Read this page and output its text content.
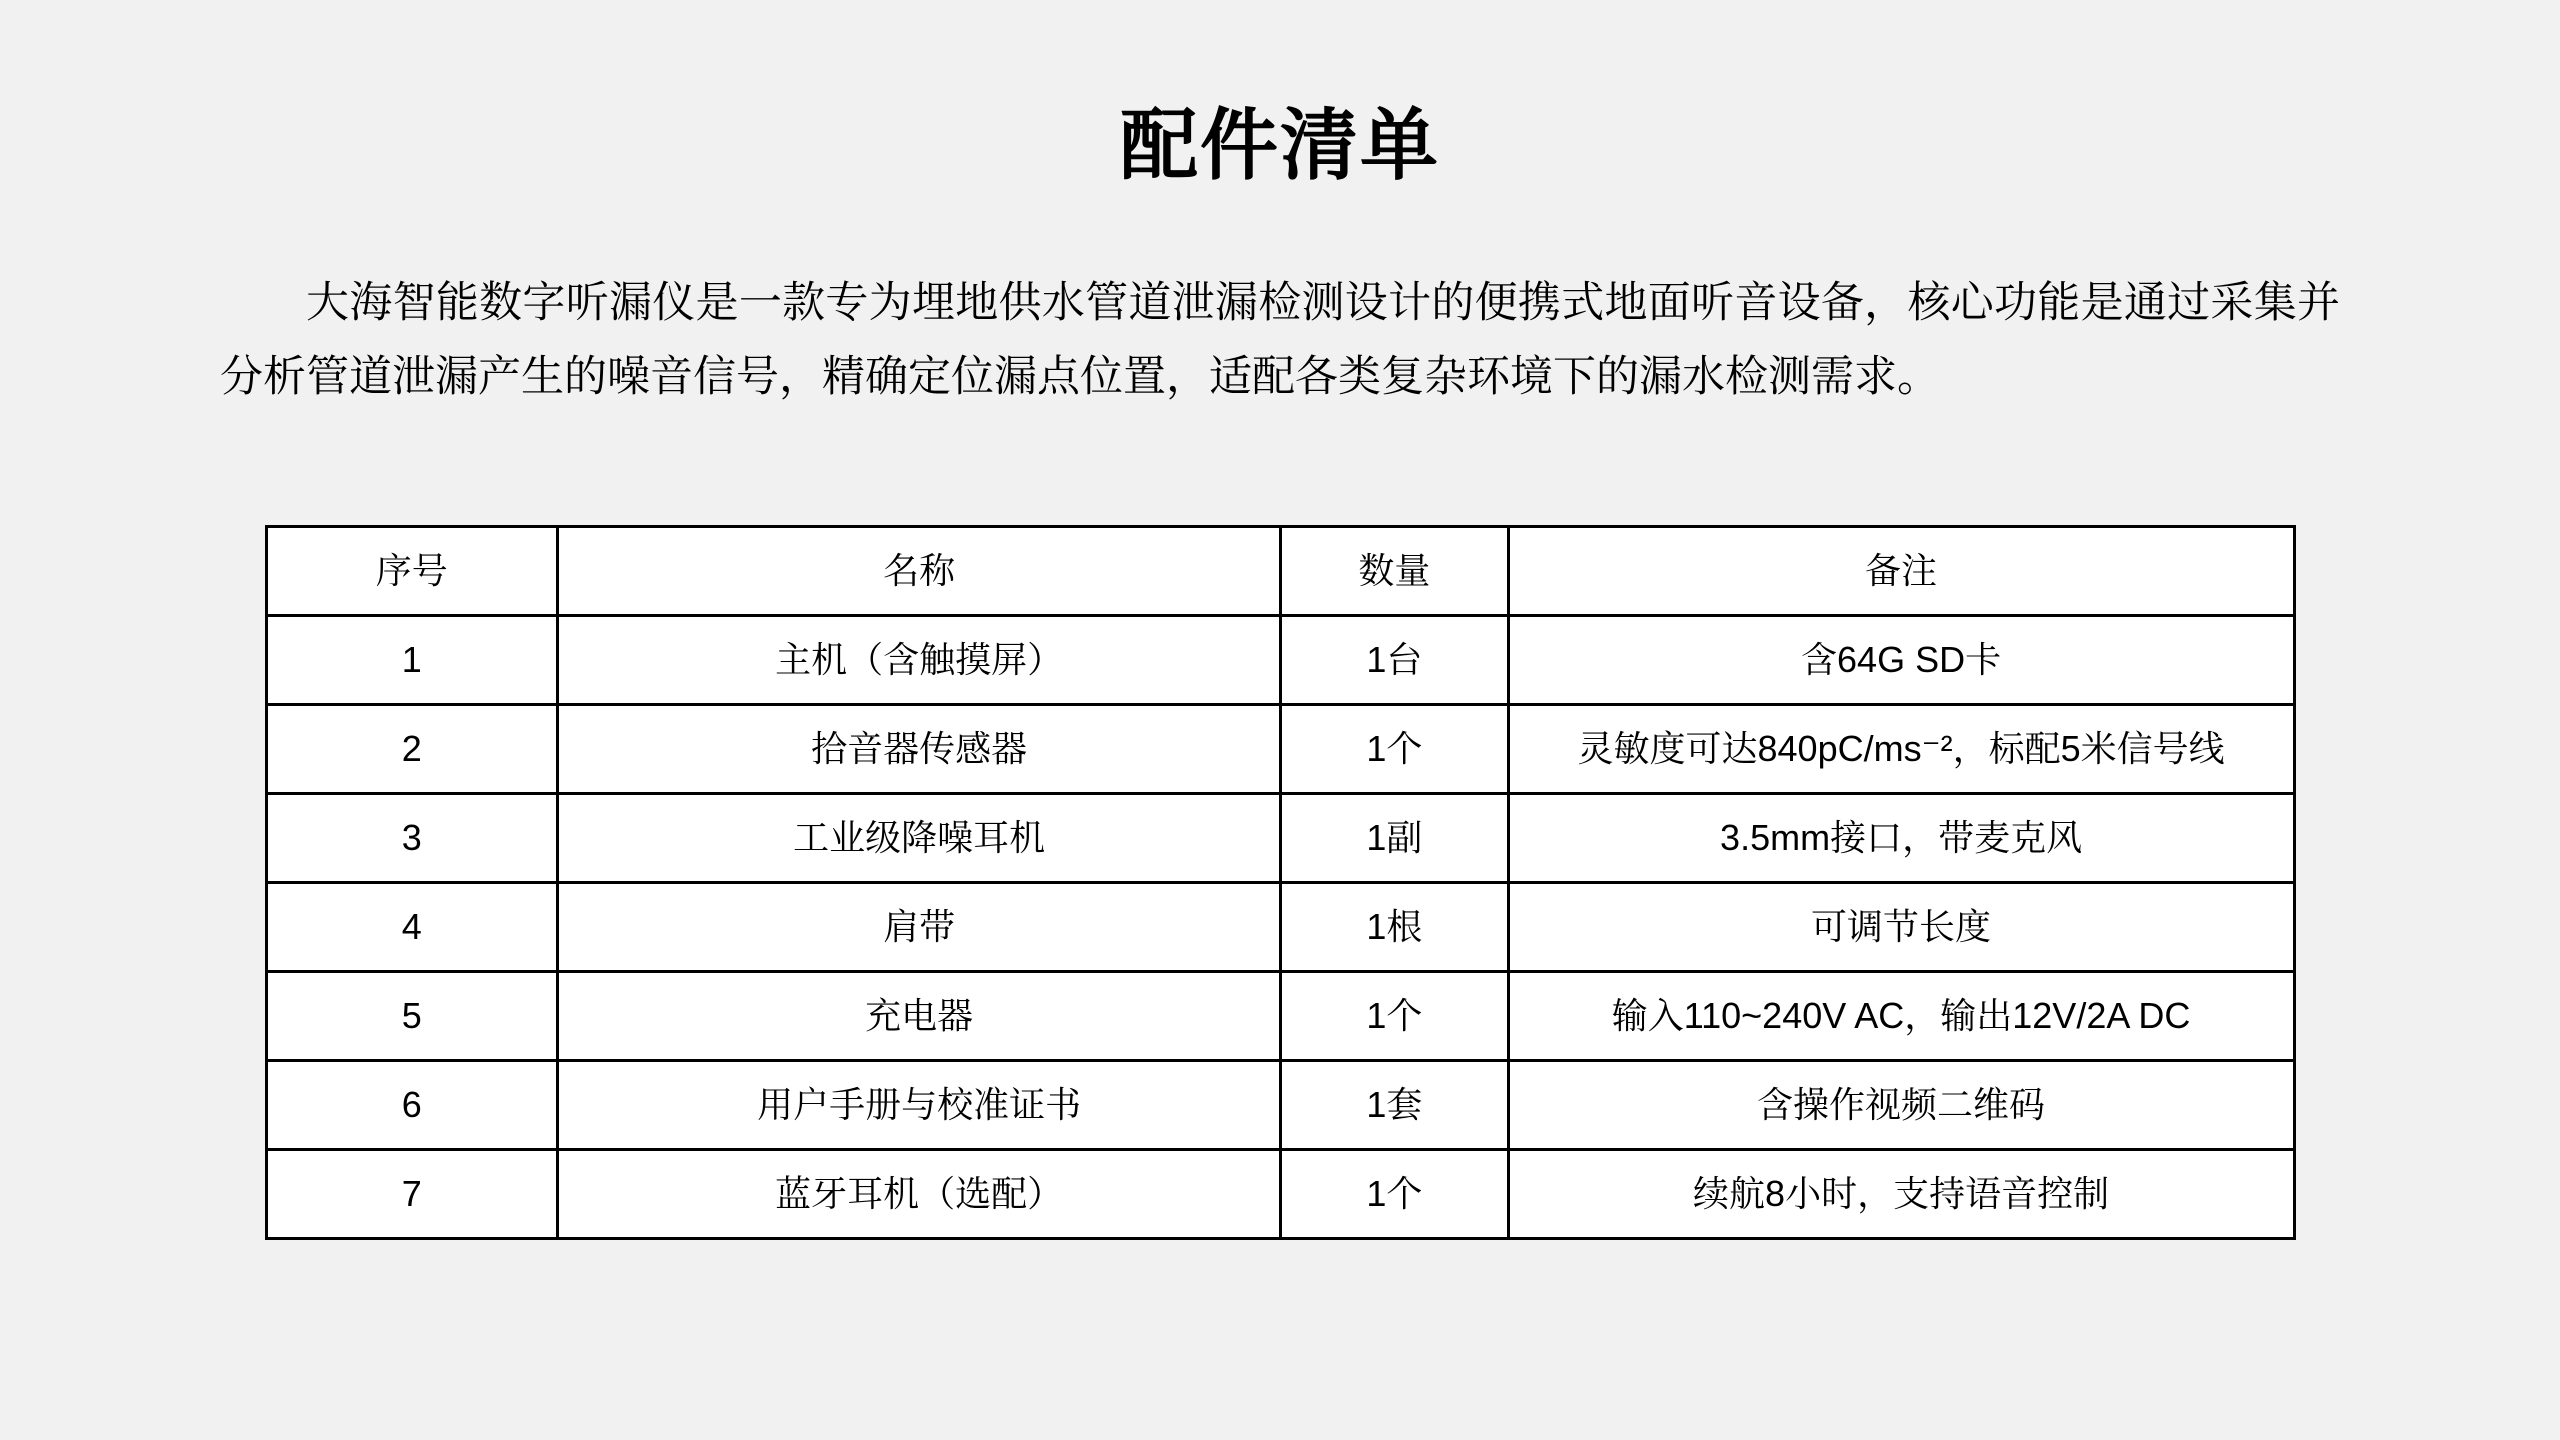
配件清单
大海智能数字听漏仪是一款专为埋地供水管道泄漏检测设计的便携式地面听音设备，核心功能是通过采集并分析管道泄漏产生的噪音信号，精确定位漏点位置，适配各类复杂环境下的漏水检测需求。
序号	名称	数量	备注
1	主机（含触摸屏）	1台	含64G SD卡
2	拾音器传感器	1个	灵敏度可达840pC/ms⁻²，标配5米信号线
3	工业级降噪耳机	1副	3.5mm接口，带麦克风
4	肩带	1根	可调节长度
5	充电器	1个	输入110~240V AC，输出12V/2A DC
6	用户手册与校准证书	1套	含操作视频二维码
7	蓝牙耳机（选配）	1个	续航8小时，支持语音控制
